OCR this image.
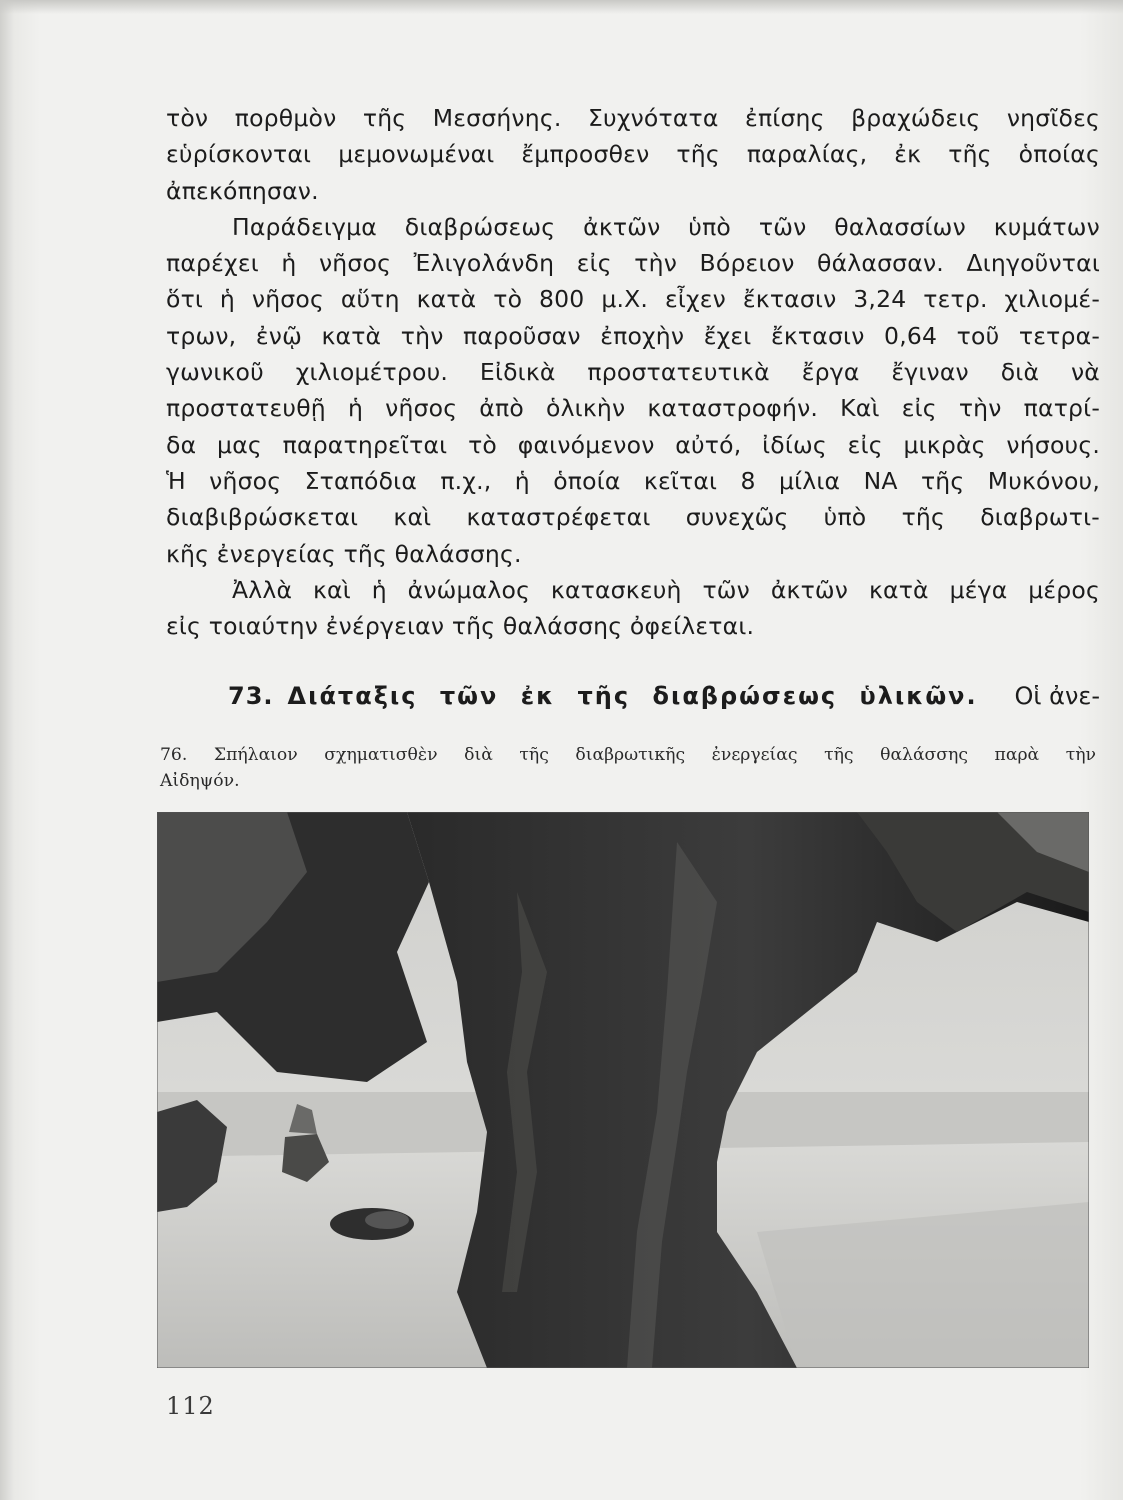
τὸν πορθμὸν τῆς Μεσσήνης. Συχνότατα ἐπίσης βραχώδεις νησῖδες
εὑρίσκονται μεμονωμέναι ἔμπροσθεν τῆς παραλίας, ἐκ τῆς ὁποίας
ἀπεκόπησαν.
Παράδειγμα διαβρώσεως ἀκτῶν ὑπὸ τῶν θαλασσίων κυμάτων
παρέχει ἡ νῆσος Ἐλιγολάνδη εἰς τὴν Βόρειον θάλασσαν. Διηγοῦνται
ὅτι ἡ νῆσος αὕτη κατὰ τὸ 800 μ.Χ. εἶχεν ἔκτασιν 3,24 τετρ. χιλιομέ-
τρων, ἐνῷ κατὰ τὴν παροῦσαν ἐποχὴν ἔχει ἔκτασιν 0,64 τοῦ τετρα-
γωνικοῦ χιλιομέτρου. Εἰδικὰ προστατευτικὰ ἔργα ἔγιναν διὰ νὰ
προστατευθῇ ἡ νῆσος ἀπὸ ὁλικὴν καταστροφήν. Καὶ εἰς τὴν πατρί-
δα μας παρατηρεῖται τὸ φαινόμενον αὐτό, ἰδίως εἰς μικρὰς νήσους.
Ἡ νῆσος Σταπόδια π.χ., ἡ ὁποία κεῖται 8 μίλια ΝΑ τῆς Μυκόνου,
διαβιβρώσκεται καὶ καταστρέφεται συνεχῶς ὑπὸ τῆς διαβρωτι-
κῆς ἐνεργείας τῆς θαλάσσης.
Ἀλλὰ καὶ ἡ ἀνώμαλος κατασκευὴ τῶν ἀκτῶν κατὰ μέγα μέρος
εἰς τοιαύτην ἐνέργειαν τῆς θαλάσσης ὀφείλεται.
73. Διάταξις τῶν ἐκ τῆς διαβρώσεως ὑλικῶν. Οἱ ἀνε-
76. Σπήλαιον σχηματισθὲν διὰ τῆς διαβρωτικῆς ἐνεργείας τῆς θαλάσσης παρὰ τὴν
Αἰδηψόν.
112
